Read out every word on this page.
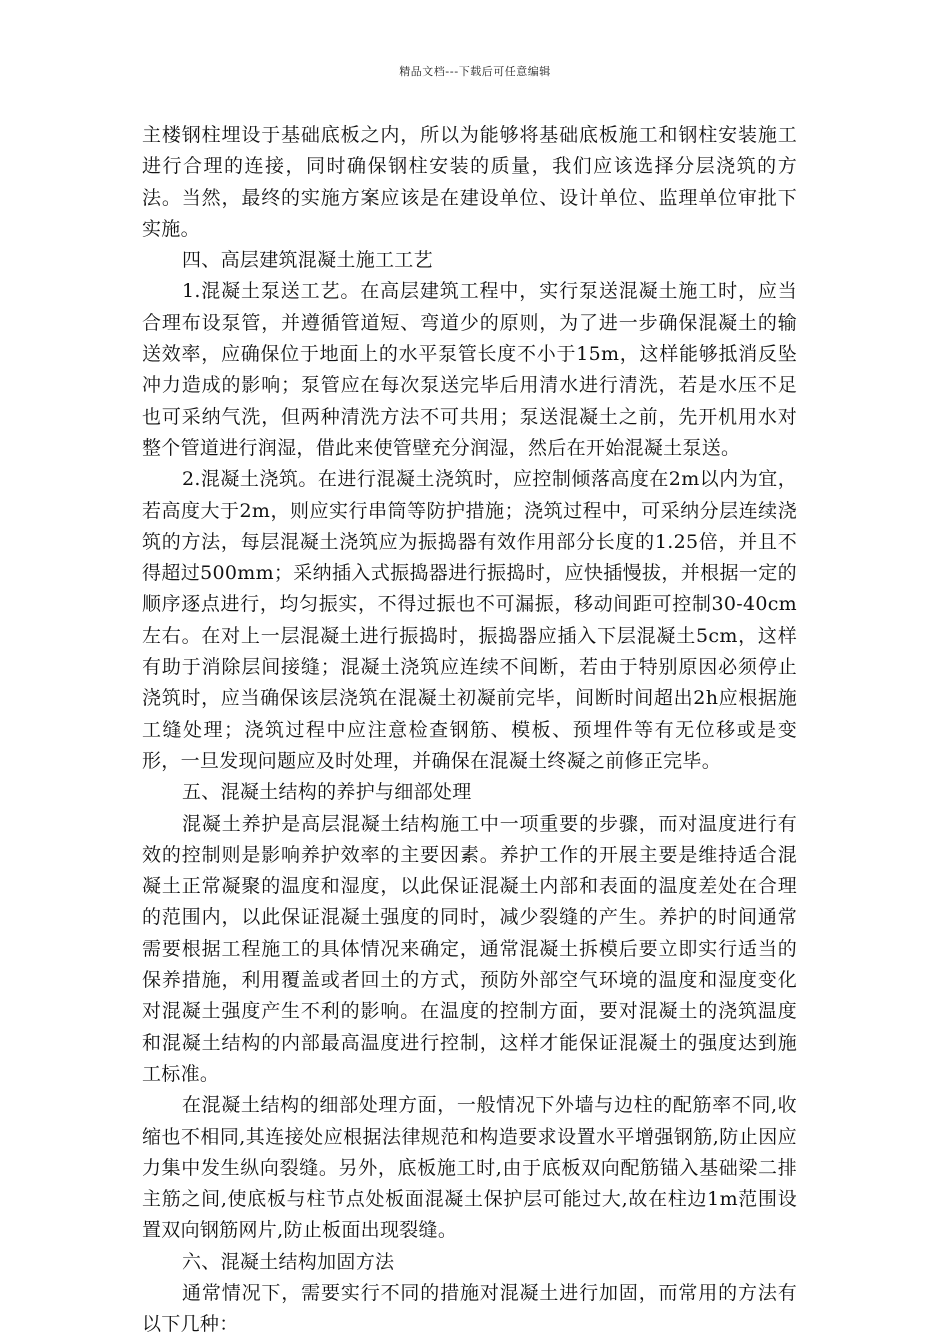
精品文档---下载后可任意编辑

主楼钢柱埋设于基础底板之内，所以为能够将基础底板施工和钢柱安装施工进行合理的连接，同时确保钢柱安装的质量，我们应该选择分层浇筑的方法。当然，最终的实施方案应该是在建设单位、设计单位、监理单位审批下实施。

四、高层建筑混凝土施工工艺

1.混凝土泵送工艺。在高层建筑工程中，实行泵送混凝土施工时，应当合理布设泵管，并遵循管道短、弯道少的原则，为了进一步确保混凝土的输送效率，应确保位于地面上的水平泵管长度不小于15m，这样能够抵消反坠冲力造成的影响；泵管应在每次泵送完毕后用清水进行清洗，若是水压不足也可采纳气洗，但两种清洗方法不可共用；泵送混凝土之前，先开机用水对整个管道进行润湿，借此来使管壁充分润湿，然后在开始混凝土泵送。

2.混凝土浇筑。在进行混凝土浇筑时，应控制倾落高度在2m以内为宜，若高度大于2m，则应实行串筒等防护措施；浇筑过程中，可采纳分层连续浇筑的方法，每层混凝土浇筑应为振捣器有效作用部分长度的1.25倍，并且不得超过500mm；采纳插入式振捣器进行振捣时，应快插慢拔，并根据一定的顺序逐点进行，均匀振实，不得过振也不可漏振，移动间距可控制30-40cm左右。在对上一层混凝土进行振捣时，振捣器应插入下层混凝土5cm，这样有助于消除层间接缝；混凝土浇筑应连续不间断，若由于特别原因必须停止浇筑时，应当确保该层浇筑在混凝土初凝前完毕，间断时间超出2h应根据施工缝处理；浇筑过程中应注意检查钢筋、模板、预埋件等有无位移或是变形，一旦发现问题应及时处理，并确保在混凝土终凝之前修正完毕。

五、混凝土结构的养护与细部处理

混凝土养护是高层混凝土结构施工中一项重要的步骤，而对温度进行有效的控制则是影响养护效率的主要因素。养护工作的开展主要是维持适合混凝土正常凝聚的温度和湿度，以此保证混凝土内部和表面的温度差处在合理的范围内，以此保证混凝土强度的同时，减少裂缝的产生。养护的时间通常需要根据工程施工的具体情况来确定，通常混凝土拆模后要立即实行适当的保养措施，利用覆盖或者回土的方式，预防外部空气环境的温度和湿度变化对混凝土强度产生不利的影响。在温度的控制方面，要对混凝土的浇筑温度和混凝土结构的内部最高温度进行控制，这样才能保证混凝土的强度达到施工标准。

在混凝土结构的细部处理方面，一般情况下外墙与边柱的配筋率不同,收缩也不相同,其连接处应根据法律规范和构造要求设置水平增强钢筋,防止因应力集中发生纵向裂缝。另外，底板施工时,由于底板双向配筋锚入基础梁二排主筋之间,使底板与柱节点处板面混凝土保护层可能过大,故在柱边1m范围设置双向钢筋网片,防止板面出现裂缝。

六、混凝土结构加固方法

通常情况下，需要实行不同的措施对混凝土进行加固，而常用的方法有以下几种：
